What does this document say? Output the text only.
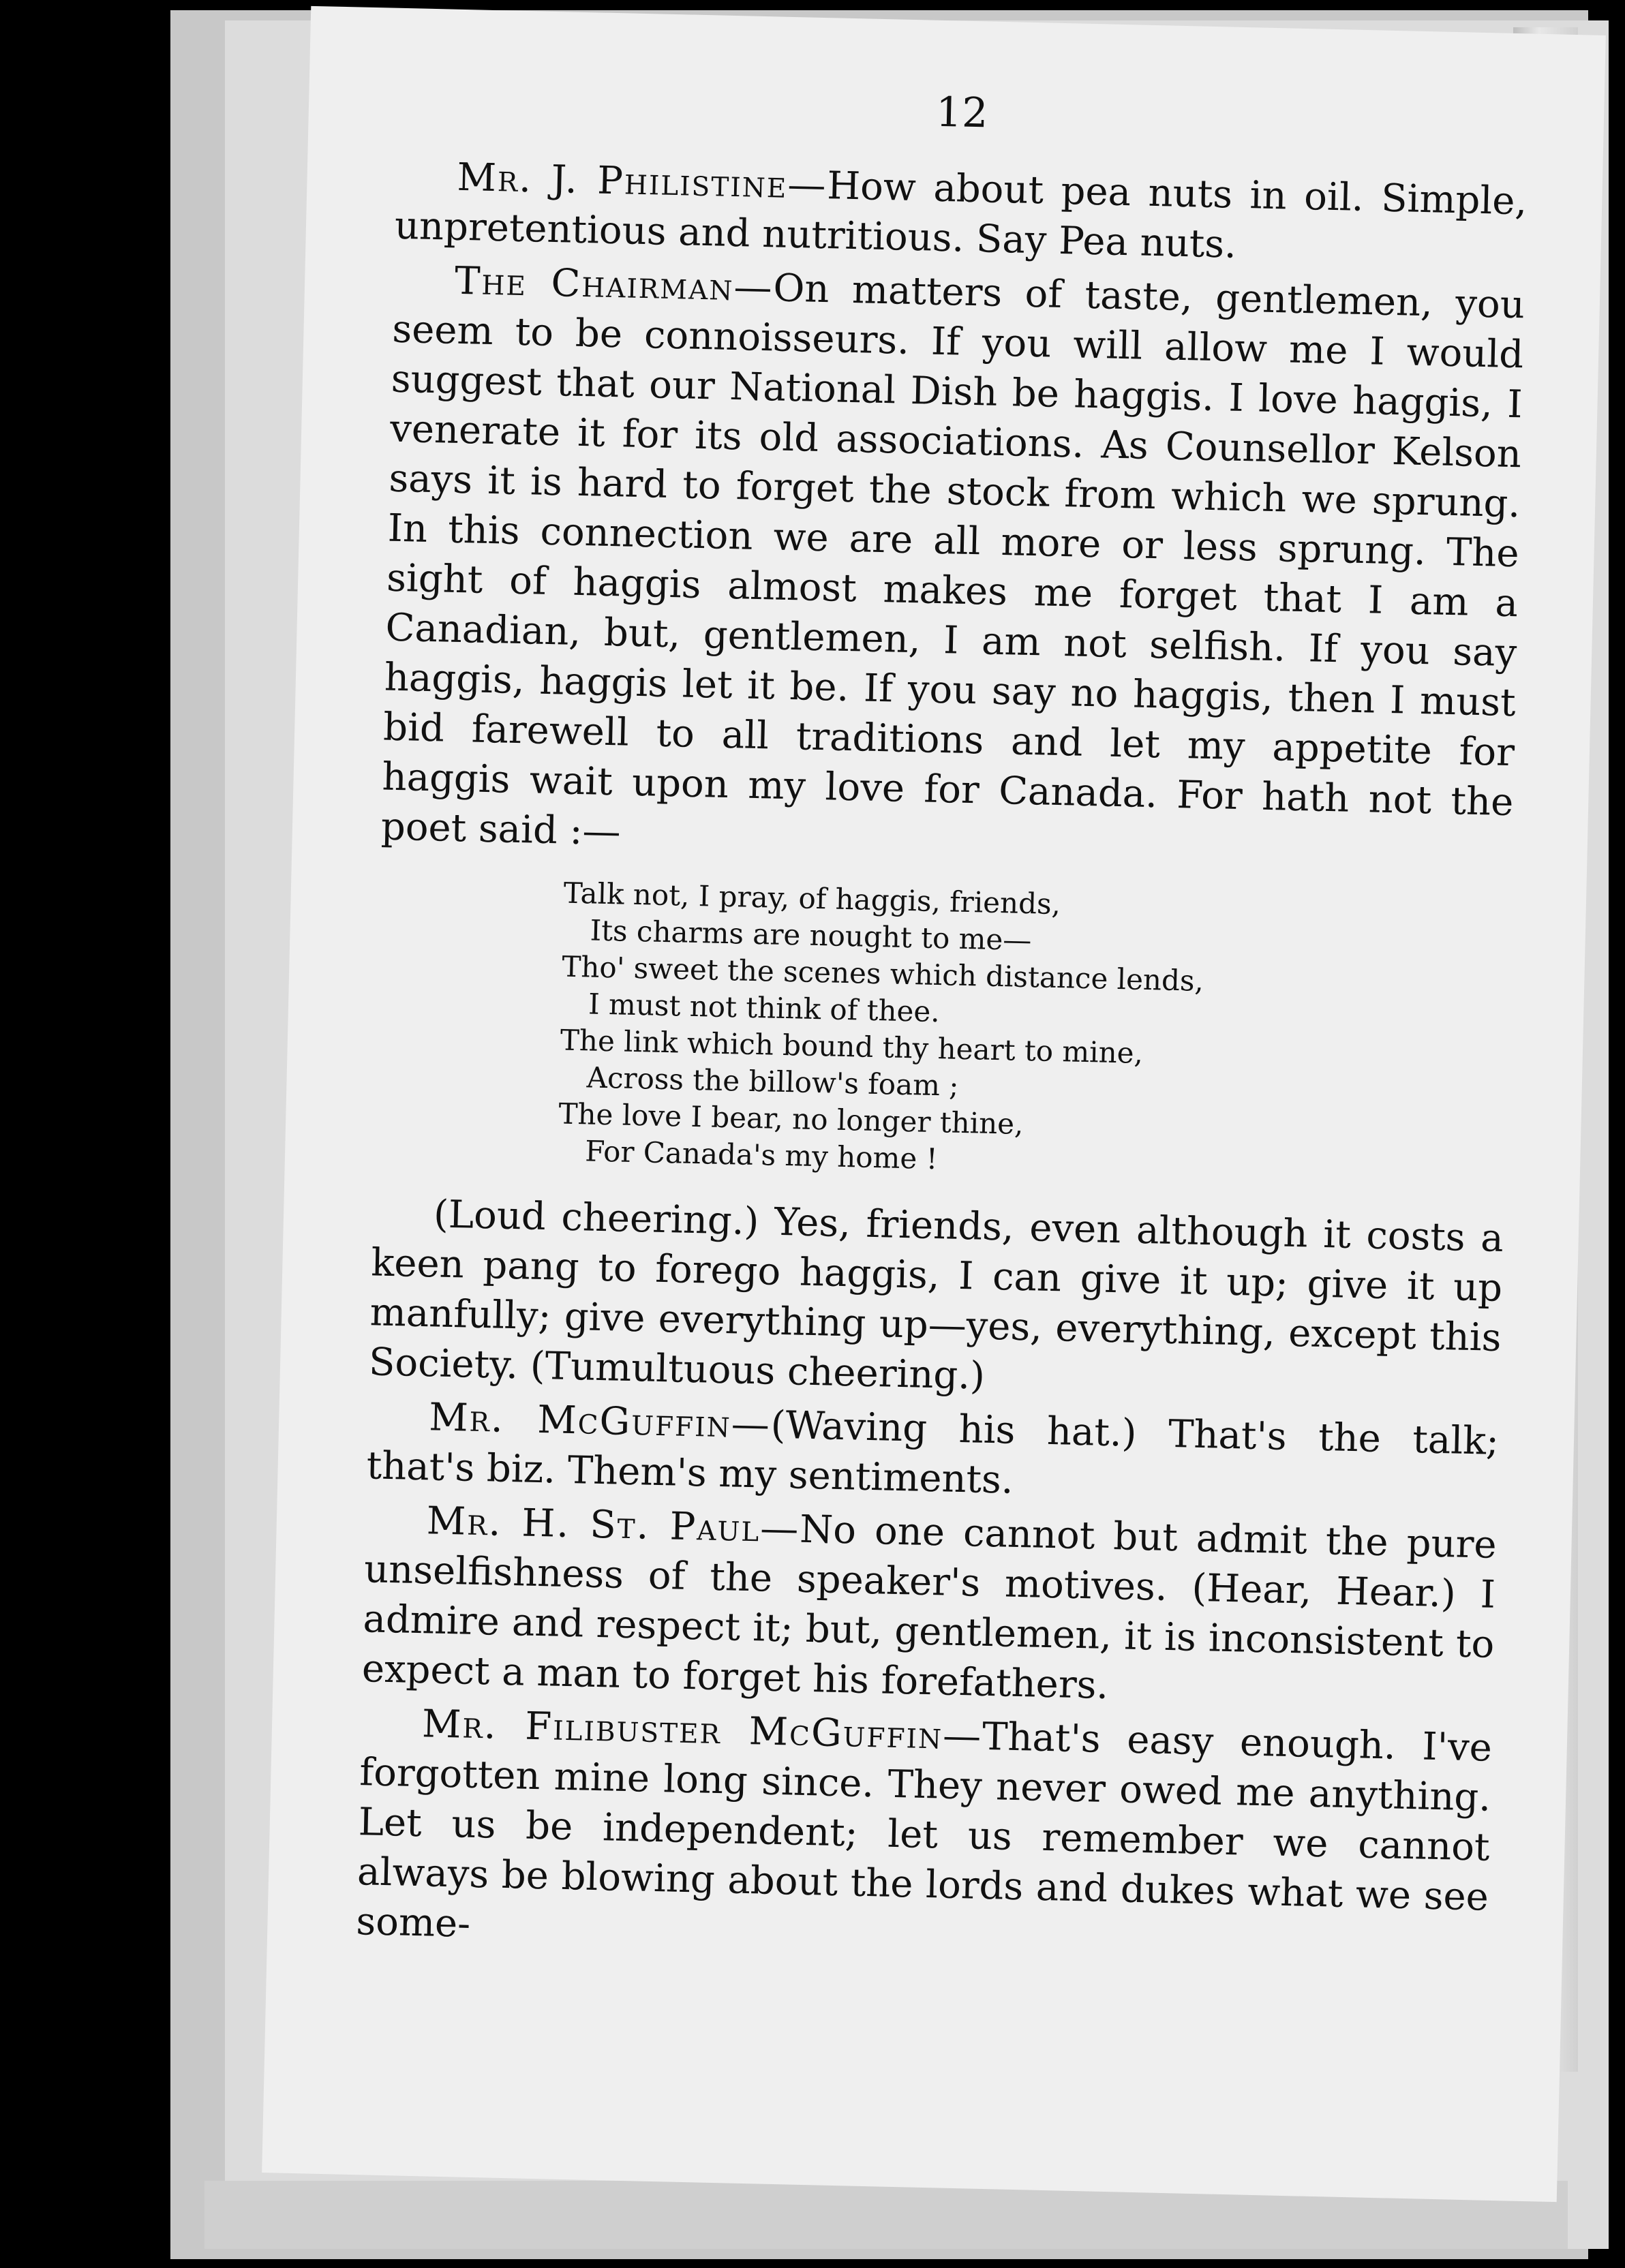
12

Mr. J. Philistine—How about pea nuts in oil. Simple, unpretentious and nutritious. Say Pea nuts.

The Chairman—On matters of taste, gentlemen, you seem to be connoisseurs. If you will allow me I would suggest that our National Dish be haggis. I love haggis, I venerate it for its old associations. As Counsellor Kelson says it is hard to forget the stock from which we sprung. In this connection we are all more or less sprung. The sight of haggis almost makes me forget that I am a Canadian, but, gentlemen, I am not selfish. If you say haggis, haggis let it be. If you say no haggis, then I must bid farewell to all traditions and let my appetite for haggis wait upon my love for Canada. For hath not the poet said :—

Talk not, I pray, of haggis, friends,
Its charms are nought to me—
Tho' sweet the scenes which distance lends,
I must not think of thee.
The link which bound thy heart to mine,
Across the billow's foam ;
The love I bear, no longer thine,
For Canada's my home !

(Loud cheering.) Yes, friends, even although it costs a keen pang to forego haggis, I can give it up; give it up manfully; give everything up—yes, everything, except this Society. (Tumultuous cheering.)

Mr. McGuffin—(Waving his hat.) That's the talk; that's biz. Them's my sentiments.

Mr. H. St. Paul—No one cannot but admit the pure unselfishness of the speaker's motives. (Hear, Hear.) I admire and respect it; but, gentlemen, it is inconsistent to expect a man to forget his forefathers.

Mr. Filibuster McGuffin—That's easy enough. I've forgotten mine long since. They never owed me anything. Let us be independent; let us remember we cannot always be blowing about the lords and dukes what we see some-
